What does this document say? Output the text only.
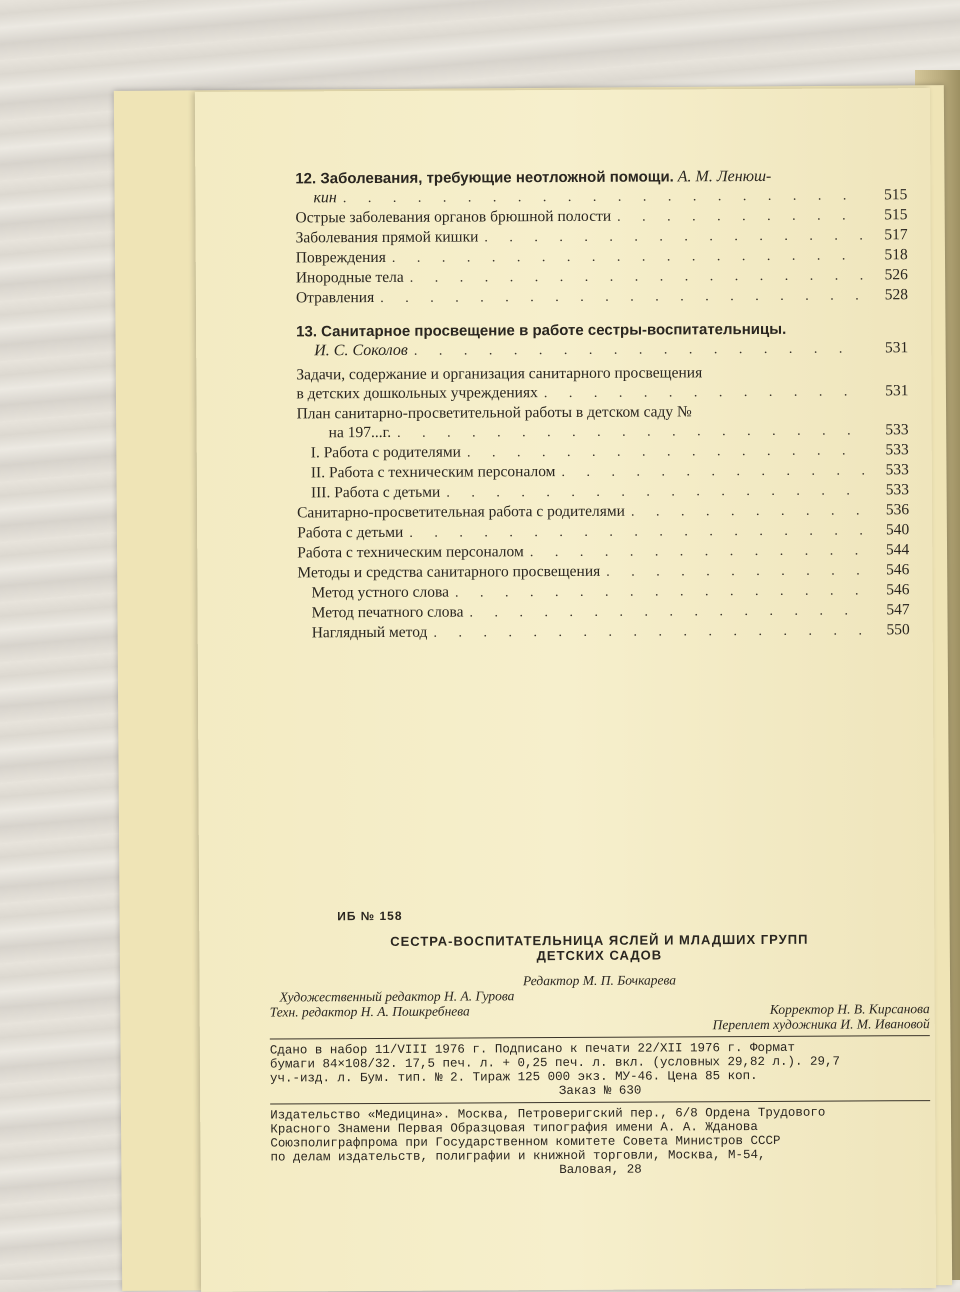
12. Заболевания, требующие неотложной помощи.
А. М. Ленюш-
кин . . .	515
Острые заболевания органов брюшной полости . . .	515
Заболевания прямой кишки . . .	517
Повреждения . . .	518
Инородные тела . . .	526
Отравления . . .	528
13. Санитарное просвещение в работе сестры-воспитательницы.
И. С. Соколов . . .	531
Задачи, содержание и организация санитарного просвещения
в детских дошкольных учреждениях . . .	531
План санитарно-просветительной работы в детском саду №
на 197...г. . . .	533
I. Работа с родителями . . .	533
II. Работа с техническим персоналом . . .	533
III. Работа с детьми . . .	533
Санитарно-просветительная работа с родителями . . .	536
Работа с детьми . . .	540
Работа с техническим персоналом . . .	544
Методы и средства санитарного просвещения . . .	546
Метод устного слова . . .	546
Метод печатного слова . . .	547
Наглядный метод . . .	550
ИБ № 158
СЕСТРА-ВОСПИТАТЕЛЬНИЦА ЯСЛЕЙ И МЛАДШИХ ГРУПП
ДЕТСКИХ САДОВ
Редактор М. П. Бочкарева
Художественный редактор Н. А. Гурова
Техн. редактор Н. А. Пошкребнева	Корректор Н. В. Кирсанова
Переплет художника И. М. Ивановой
Сдано в набор 11/VIII 1976 г. Подписано к печати 22/XII 1976 г. Формат
бумаги 84×108/32. 17,5 печ. л. + 0,25 печ. л. вкл. (условных 29,82 л.). 29,7
уч.-изд. л. Бум. тип. № 2. Тираж 125 000 экз. МУ-46. Цена 85 коп.
Заказ № 630
Издательство «Медицина». Москва, Петроверигский пер., 6/8 Ордена Трудового
Красного Знамени Первая Образцовая типография имени А. А. Жданова
Союзполиграфпрома при Государственном комитете Совета Министров СССР
по делам издательств, полиграфии и книжной торговли, Москва, М-54,
Валовая, 28
